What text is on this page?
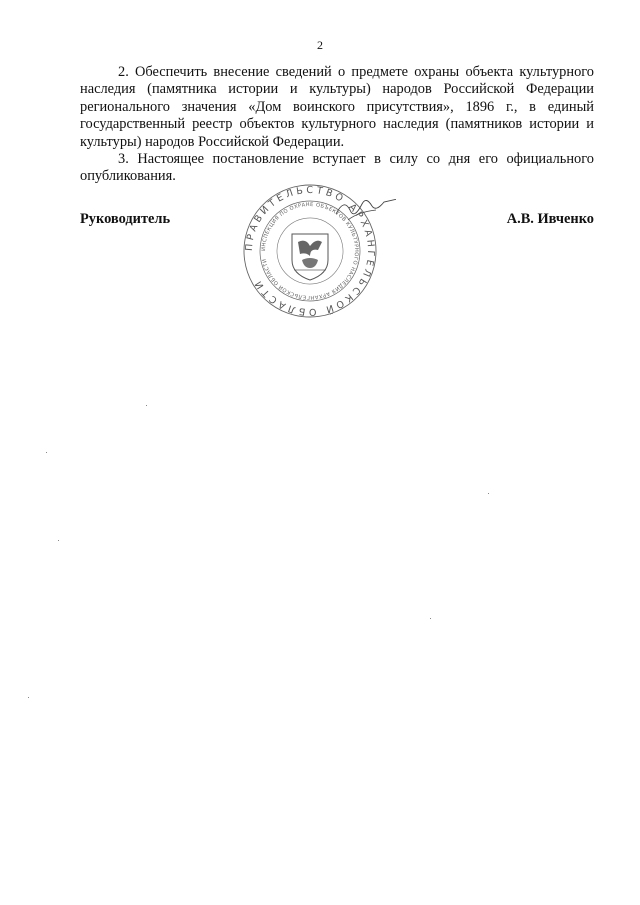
2

2. Обеспечить внесение сведений о предмете охраны объекта культурного наследия (памятника истории и культуры) народов Российской Федерации регионального значения «Дом воинского присутствия», 1896 г., в единый государственный реестр объектов культурного наследия (памятников истории и культуры) народов Российской Федерации.

3. Настоящее постановление вступает в силу со дня его официального опубликования.

Руководитель	А.В. Ивченко
ПРАВИТЕЛЬСТВО АРХАНГЕЛЬСКОЙ ОБЛАСТИ
ИНСПЕКЦИЯ ПО ОХРАНЕ ОБЪЕКТОВ КУЛЬТУРНОГО НАСЛЕДИЯ АРХАНГЕЛЬСКОЙ ОБЛАСТИ
